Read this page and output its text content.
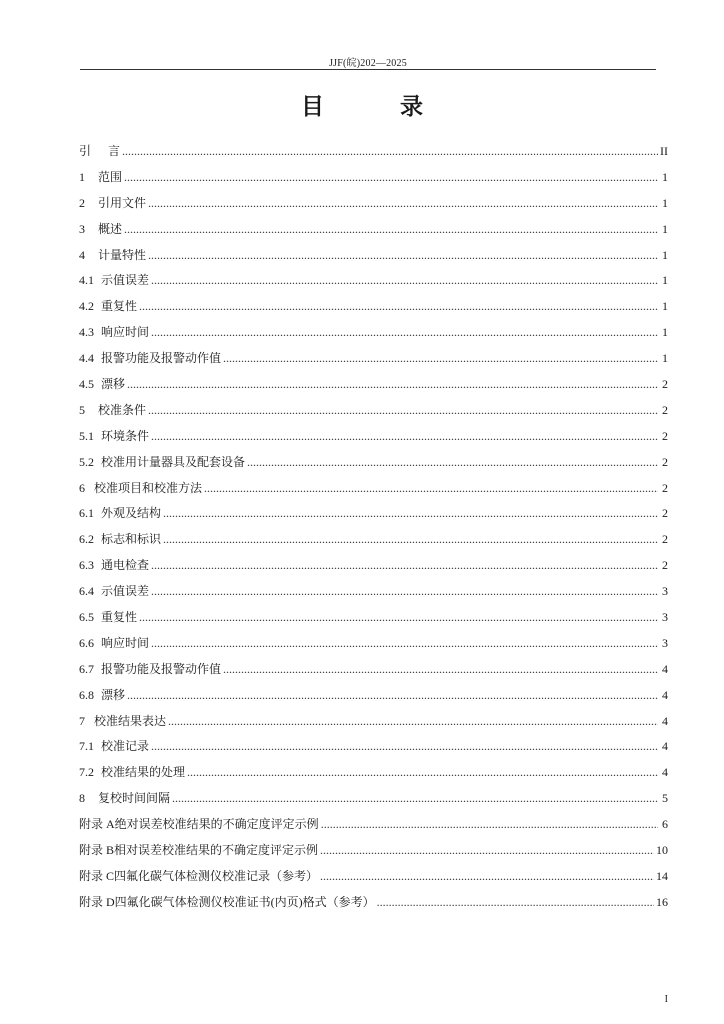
JJF(皖)202—2025
目 录
引 言 .....	II
1 范围 .....	1
2 引用文件 .....	1
3 概述 .....	1
4 计量特性 .....	1
4.1 示值误差 .....	1
4.2 重复性 .....	1
4.3 响应时间 .....	1
4.4 报警功能及报警动作值 .....	1
4.5 漂移 .....	2
5 校准条件 .....	2
5.1 环境条件 .....	2
5.2 校准用计量器具及配套设备 .....	2
6 校准项目和校准方法 .....	2
6.1 外观及结构 .....	2
6.2 标志和标识 .....	2
6.3 通电检查 .....	2
6.4 示值误差 .....	3
6.5 重复性 .....	3
6.6 响应时间 .....	3
6.7 报警功能及报警动作值 .....	4
6.8 漂移 .....	4
7 校准结果表达 .....	4
7.1 校准记录 .....	4
7.2 校准结果的处理 .....	4
8 复校时间间隔 .....	5
附录 A 绝对误差校准结果的不确定度评定示例 .....	6
附录 B 相对误差校准结果的不确定度评定示例 .....	10
附录 C 四氟化碳气体检测仪校准记录（参考） .....	14
附录 D 四氟化碳气体检测仪校准证书(内页)格式（参考） .....	16
I
